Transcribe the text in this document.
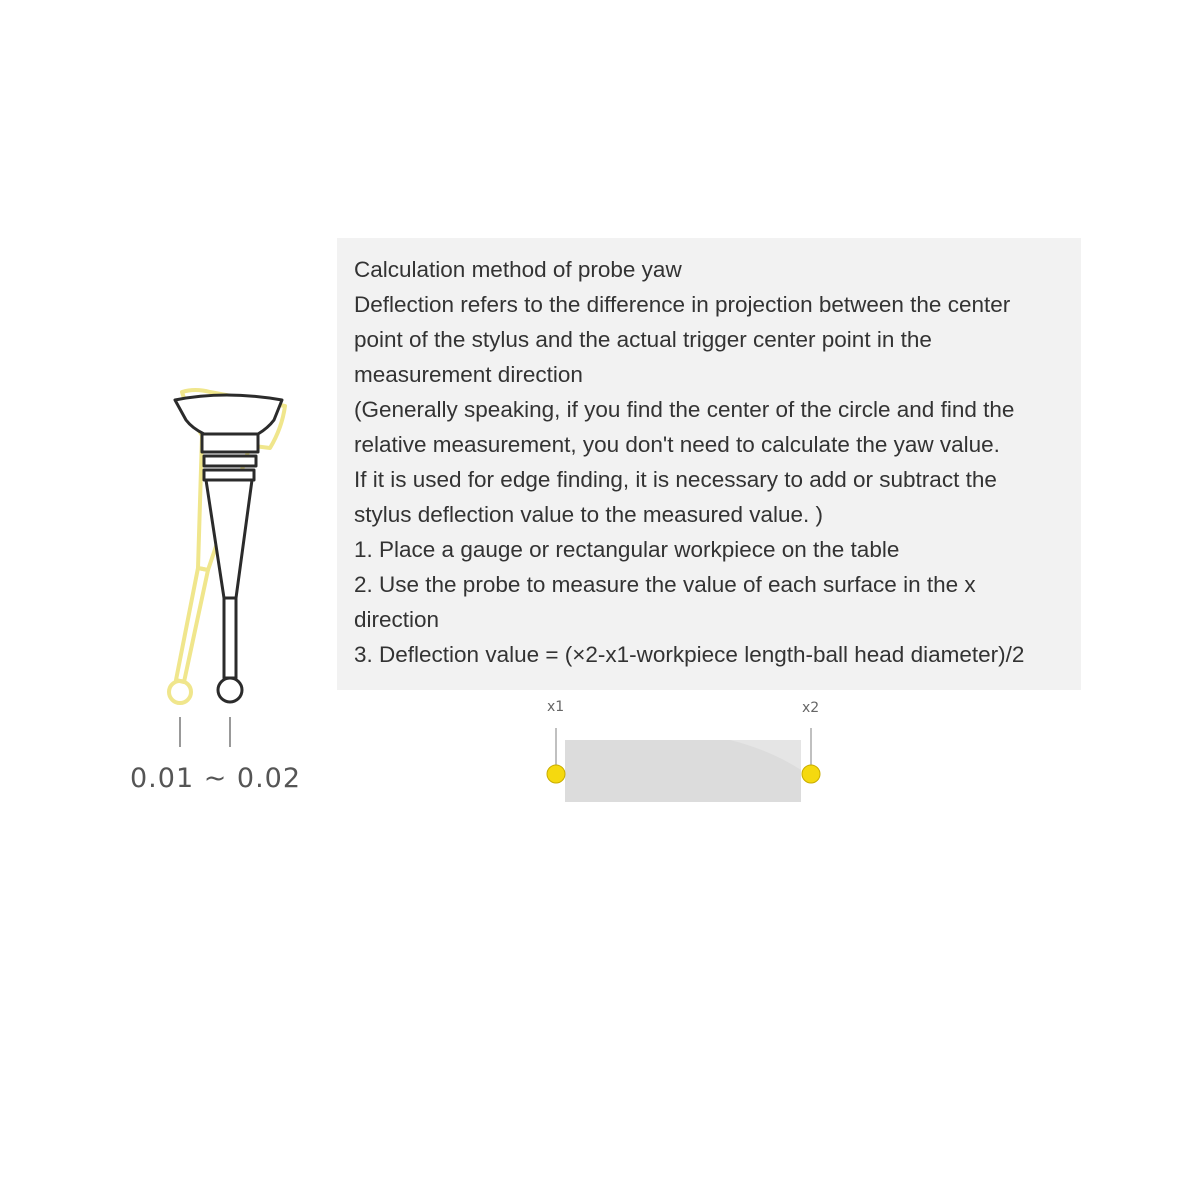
0.01 ~ 0.02
Calculation method of probe yaw
Deflection refers to the difference in projection between the center
point of the stylus and the actual trigger center point in the
measurement direction
(Generally speaking, if you find the center of the circle and find the
relative measurement, you don't need to calculate the yaw value.
If it is used for edge finding, it is necessary to add or subtract the
stylus deflection value to the measured value. )
1. Place a gauge or rectangular workpiece on the table
2. Use the probe to measure the value of each surface in the x
direction
3. Deflection value = (×2-x1-workpiece length-ball head diameter)/2
x1	x2
